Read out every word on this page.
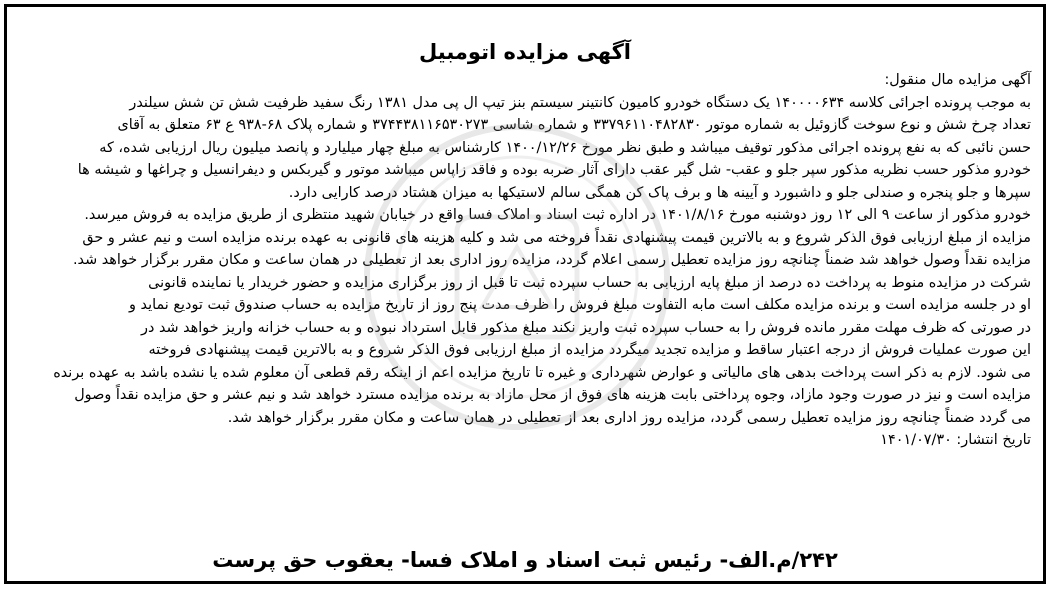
آگهی مزایده اتومبیل
آگهی مزایده مال منقول:
به موجب پرونده اجرائی کلاسه ۱۴۰۰۰۰۶۳۴ یک دستگاه خودرو کامیون کانتینر سیستم بنز تیپ ال پی مدل ۱۳۸۱ رنگ سفید ظرفیت شش تن شش سیلندر
تعداد چرخ شش و نوع سوخت گازوئیل به شماره موتور ۳۳۷۹۶۱۱۰۴۸۲۸۳۰ و شماره شاسی ۳۷۴۴۳۸۱۱۶۵۳۰۲۷۳ و شماره پلاک ۶۸-۹۳۸ ع ۶۳ متعلق به آقای
حسن نائبی که به نفع پرونده اجرائی مذکور توقیف میباشد و طبق نظر مورخ ۱۴۰۰/۱۲/۲۶ کارشناس به مبلغ چهار میلیارد و پانصد میلیون ریال ارزیابی شده، که
خودرو مذکور حسب نظریه مذکور سپر جلو و عقب- شل گیر عقب دارای آثار ضربه بوده و فاقد زاپاس میباشد موتور و گیربکس و دیفرانسیل و چراغها و شیشه ها
سپرها و جلو پنجره و صندلی جلو و داشبورد و آیینه ها و برف پاک کن همگی سالم لاستیکها به میزان هشتاد درصد کارایی دارد.
خودرو مذکور از ساعت ۹ الی ۱۲ روز دوشنبه مورخ ۱۴۰۱/۸/۱۶ در اداره ثبت اسناد و املاک فسا واقع در خیابان شهید منتظری از طریق مزایده به فروش میرسد.
مزایده از مبلغ ارزیابی فوق الذکر شروع و به بالاترین قیمت پیشنهادی نقداً فروخته می شد و کلیه هزینه های قانونی به عهده برنده مزایده است و نیم عشر و حق
مزایده نقداً وصول خواهد شد ضمناً چنانچه روز مزایده تعطیل رسمی اعلام گردد، مزایده روز اداری بعد از تعطیلی در همان ساعت و مکان مقرر برگزار خواهد شد.
شرکت در مزایده منوط به پرداخت ده درصد از مبلغ پایه ارزیابی به حساب سپرده ثبت تا قبل از روز برگزاری مزایده و حضور خریدار یا نماینده قانونی
او در جلسه مزایده است و برنده مزایده مکلف است مابه التفاوت مبلغ فروش را ظرف مدت پنج روز از تاریخ مزایده به حساب صندوق ثبت تودیع نماید و
در صورتی که ظرف مهلت مقرر مانده فروش را به حساب سپرده ثبت واریز نکند مبلغ مذکور قابل استرداد نبوده و به حساب خزانه واریز خواهد شد در
این صورت عملیات فروش از درجه اعتبار ساقط و مزایده تجدید میگردد مزایده از مبلغ ارزیابی فوق الذکر شروع و به بالاترین قیمت پیشنهادی فروخته
می شود. لازم به ذکر است پرداخت بدهی های مالیاتی و عوارض شهرداری و غیره تا تاریخ مزایده اعم از اینکه رقم قطعی آن معلوم شده یا نشده باشد به عهده برنده
مزایده است و نیز در صورت وجود مازاد، وجوه پرداختی بابت هزینه های فوق از محل مازاد به برنده مزایده مسترد خواهد شد و نیم عشر و حق مزایده نقداً وصول
می گردد ضمناً چنانچه روز مزایده تعطیل رسمی گردد، مزایده روز اداری بعد از تعطیلی در همان ساعت و مکان مقرر برگزار خواهد شد.
تاریخ انتشار: ۱۴۰۱/۰۷/۳۰
۲۴۲/م.الف- رئیس ثبت اسناد و املاک فسا- یعقوب حق پرست
